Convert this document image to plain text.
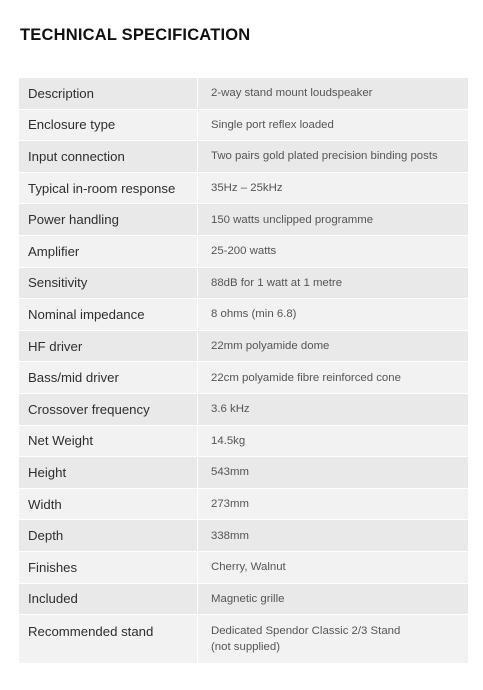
TECHNICAL SPECIFICATION
Description	2-way stand mount loudspeaker
Enclosure type	Single port reflex loaded
Input connection	Two pairs gold plated precision binding posts
Typical in-room response	35Hz – 25kHz
Power handling	150 watts unclipped programme
Amplifier	25-200 watts
Sensitivity	88dB for 1 watt at 1 metre
Nominal impedance	8 ohms (min 6.8)
HF driver	22mm polyamide dome
Bass/mid driver	22cm polyamide fibre reinforced cone
Crossover frequency	3.6 kHz
Net Weight	14.5kg
Height	543mm
Width	273mm
Depth	338mm
Finishes	Cherry, Walnut
Included	Magnetic grille
Recommended stand	Dedicated Spendor Classic 2/3 Stand
(not supplied)
